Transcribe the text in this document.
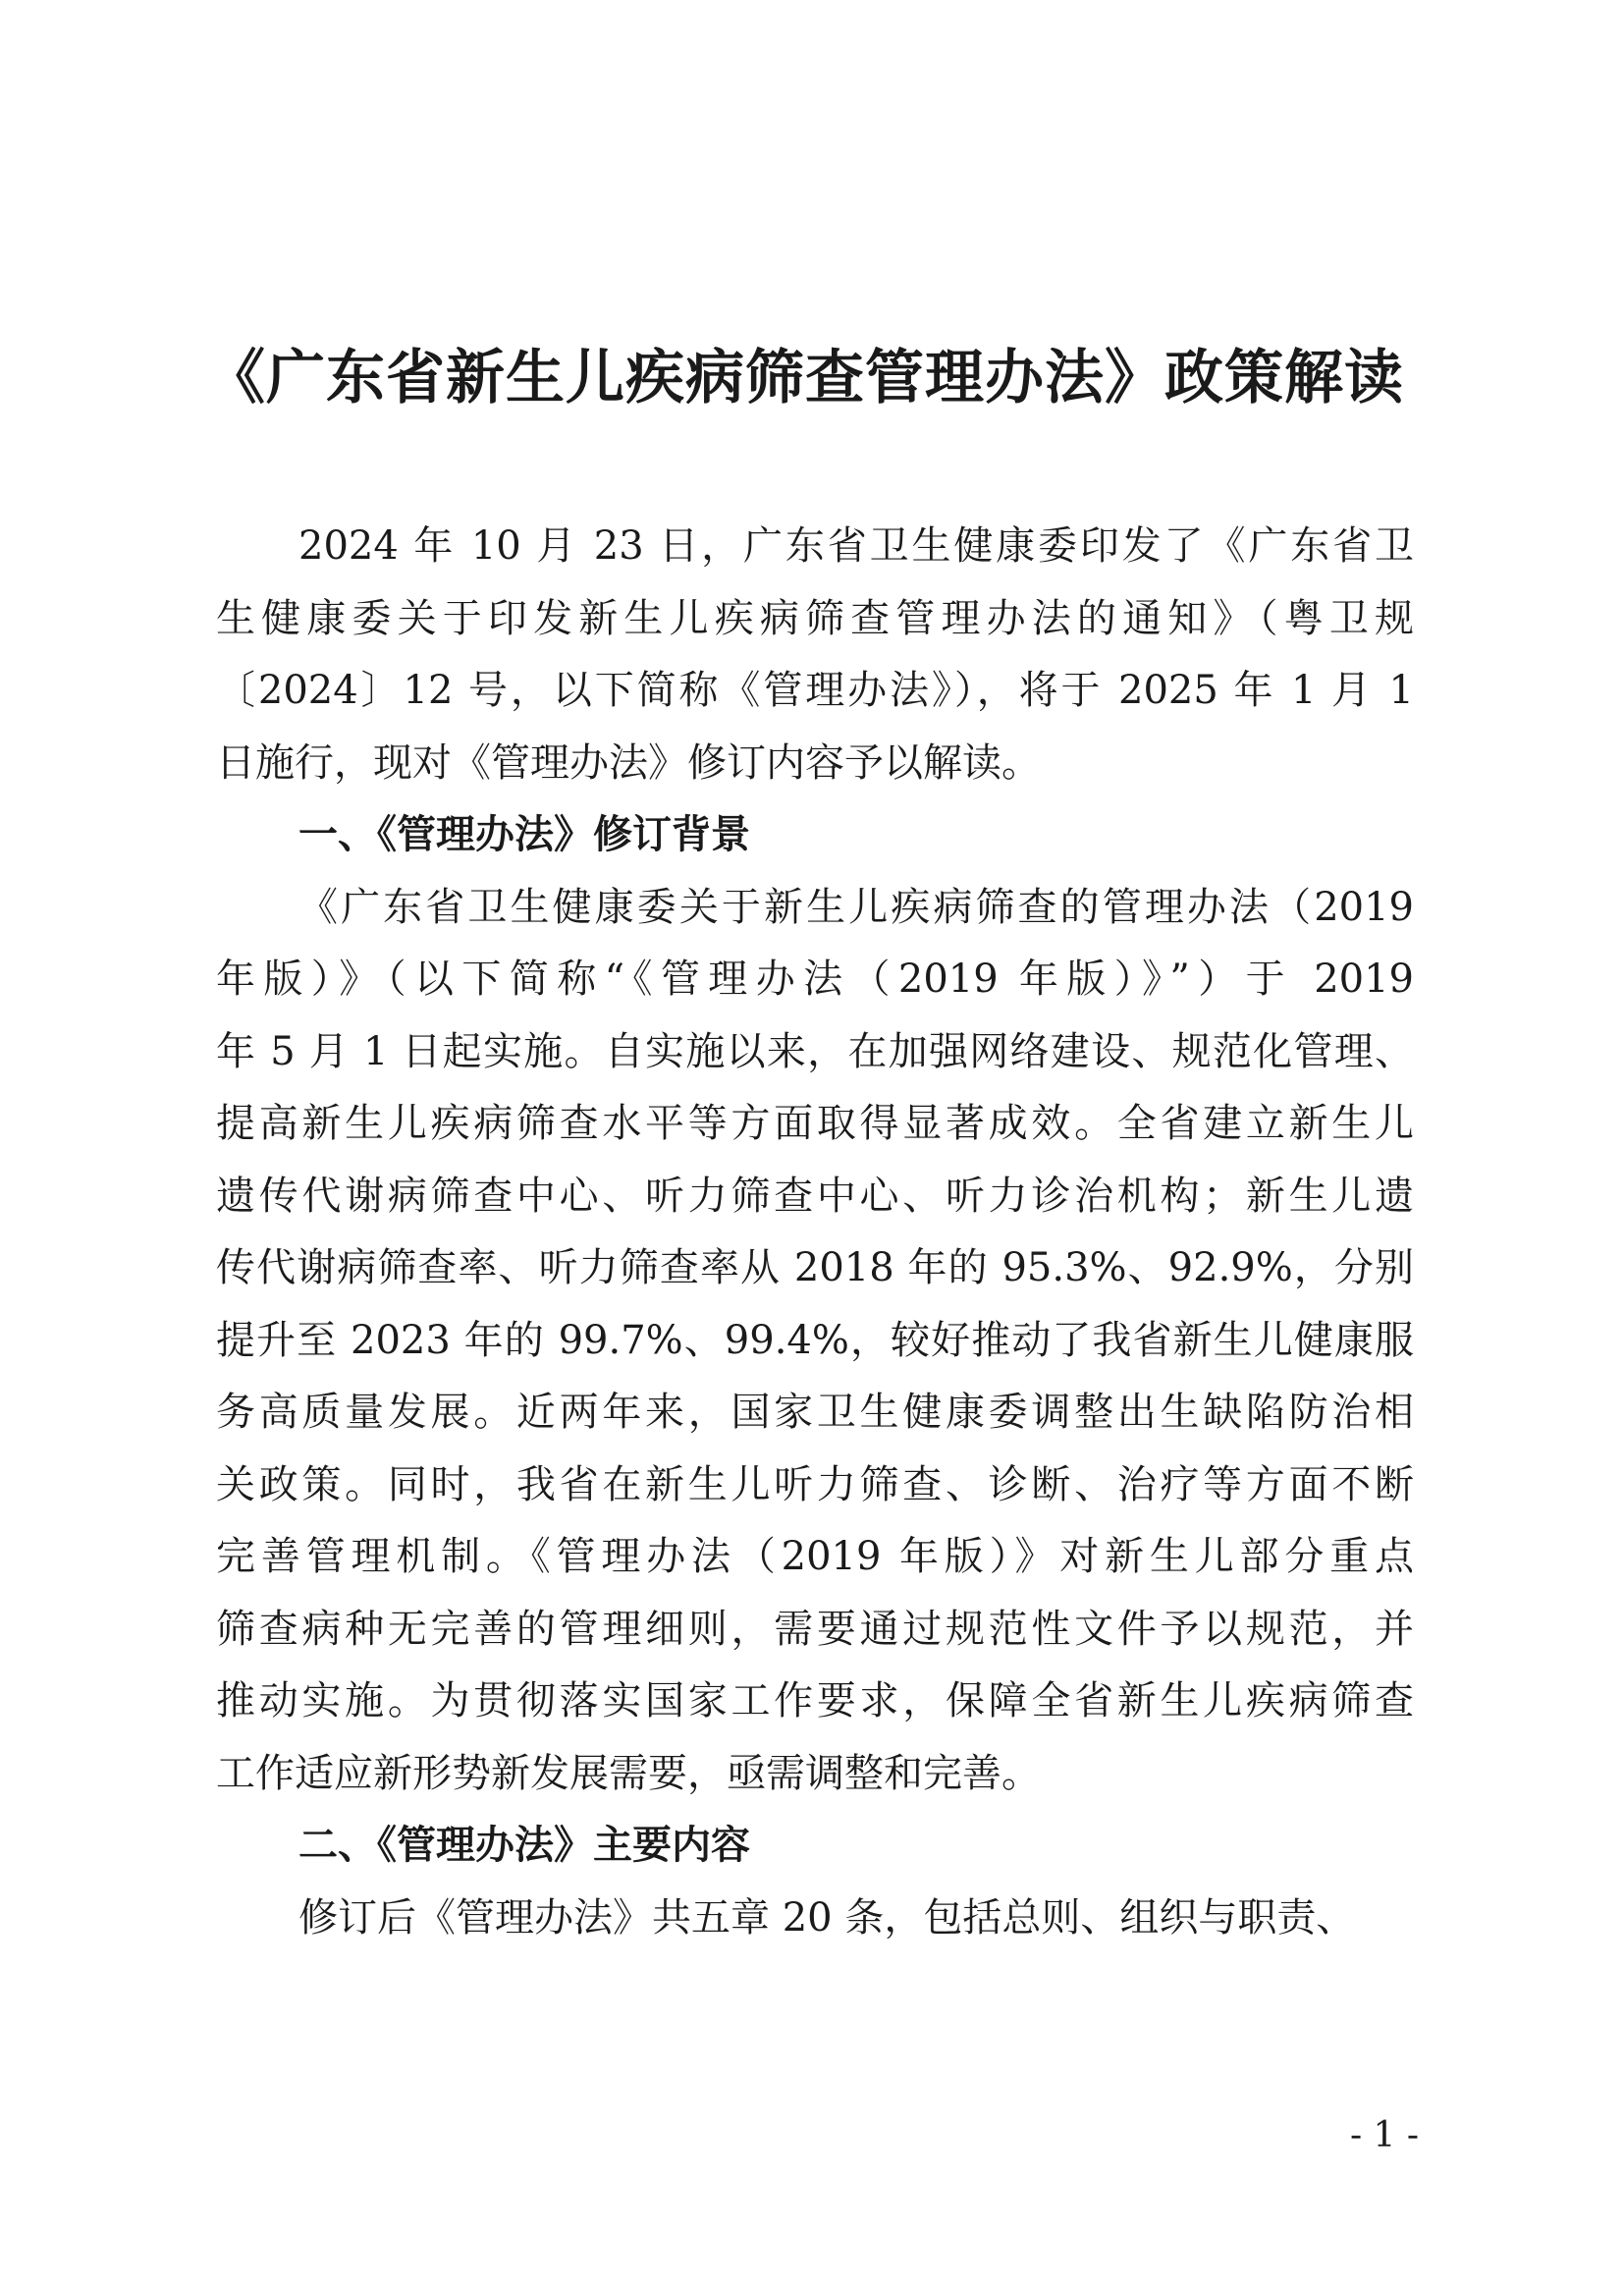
《广东省新生儿疾病筛查管理办法》政策解读
2024 年 10 月 23 日，广东省卫生健康委印发了《广东省卫
生健康委关于印发新生儿疾病筛查管理办法的通知》（粤卫规
〔2024〕12 号，以下简称《管理办法》），将于 2025 年 1 月 1
日施行，现对《管理办法》修订内容予以解读。
一、《管理办法》修订背景
《广东省卫生健康委关于新生儿疾病筛查的管理办法（2019
年版）》（以下简称“《管理办法（2019 年版）》”）于 2019
年 5 月 1 日起实施。自实施以来，在加强网络建设、规范化管理、
提高新生儿疾病筛查水平等方面取得显著成效。全省建立新生儿
遗传代谢病筛查中心、听力筛查中心、听力诊治机构；新生儿遗
传代谢病筛查率、听力筛查率从 2018 年的 95.3%、92.9%，分别
提升至 2023 年的 99.7%、99.4%，较好推动了我省新生儿健康服
务高质量发展。近两年来，国家卫生健康委调整出生缺陷防治相
关政策。同时，我省在新生儿听力筛查、诊断、治疗等方面不断
完善管理机制。《管理办法（2019 年版）》对新生儿部分重点
筛查病种无完善的管理细则，需要通过规范性文件予以规范，并
推动实施。为贯彻落实国家工作要求，保障全省新生儿疾病筛查
工作适应新形势新发展需要，亟需调整和完善。
二、《管理办法》主要内容
修订后《管理办法》共五章 20 条，包括总则、组织与职责、
- 1 -
